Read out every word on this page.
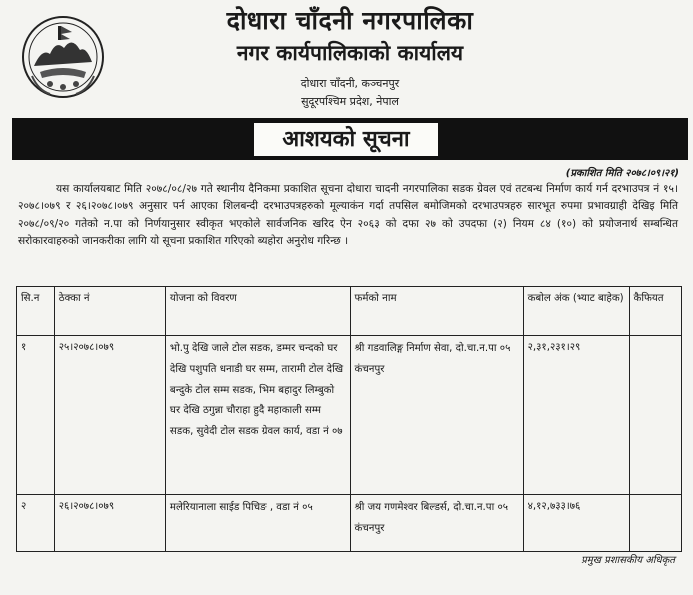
दोधारा चाँदनी नगरपालिका
नगर कार्यपालिकाको कार्यालय
दोधारा चाँदनी, कञ्चनपुर
सुदूरपश्चिम प्रदेश, नेपाल
आशयको सूचना
(प्रकाशित मिति २०७८।०९।२१)
यस कार्यालयबाट मिति २०७८/०८/२७ गते स्थानीय दैनिकमा प्रकाशित सूचना दोधारा चादनी नगरपालिका सडक ग्रेवल एवं तटबन्ध निर्माण कार्य गर्न दरभाउपत्र नं १५।२०७८।०७९ र २६।२०७८।०७९ अनुसार पर्न आएका शिलबन्दी दरभाउपत्रहरुको मूल्याकंन गर्दा तपसिल बमोजिमको दरभाउपत्रहरु सारभूत रुपमा प्रभावग्राही देखिइ मिति २०७८/०९/२० गतेको न.पा को निर्णयानुसार स्वीकृत भएकोले सार्वजनिक खरिद ऐन २०६३ को दफा २७ को उपदफा (२) नियम ८४ (१०) को प्रयोजनार्थ सम्बन्धित सरोकारवाहरुको जानकरीका लागि यो सूचना प्रकाशित गरिएको ब्यहोरा अनुरोध गरिन्छ ।
सि.न	ठेक्का नं	योजना को विवरण	फर्मको नाम	कबोल अंक (भ्याट बाहेक)	कैफियत
१	२५।२०७८।०७९	भो.पु देखि जाले टोल सडक, डम्मर चन्दको घर देखि पशुपति धनाडी घर सम्म, तारामी टोल देखि बन्दुके टोल सम्म सडक, भिम बहादुर लिम्बुको घर देखि ठगुन्ना चौराहा हुदै महाकाली सम्म सडक, सुवेदी टोल सडक ग्रेवल कार्य, वडा नं ०७	श्री गडवालिङ्ग निर्माण सेवा, दो.चा.न.पा ०५ कंचनपुर	२,३१,२३१।२९	
२	२६।२०७८।०७९	मलेरियानाला साईड पिचिङ , वडा नं ०५	श्री जय गणमेश्वर बिल्डर्स, दो.चा.न.पा ०५ कंचनपुर	४,१२,७३३।७६	
प्रमुख प्रशासकीय अधिकृत
